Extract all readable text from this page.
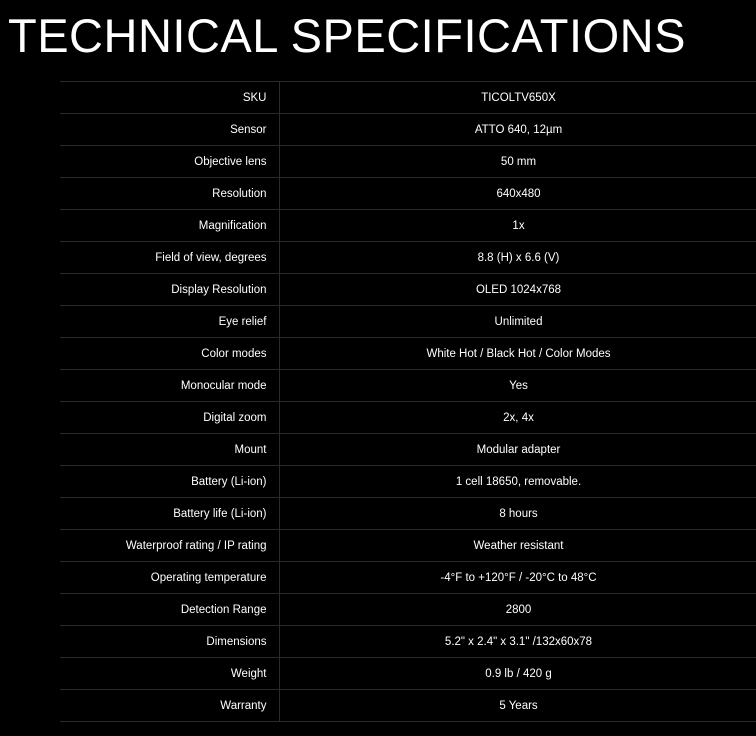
TECHNICAL SPECIFICATIONS
	SKU	TICOLTV650X	
	Sensor	ATTO 640, 12µm	
	Objective lens	50 mm	
	Resolution	640x480	
	Magnification	1x	
	Field of view, degrees	8.8 (H) x 6.6 (V)	
	Display Resolution	OLED 1024x768	
	Eye relief	Unlimited	
	Color modes	White Hot / Black Hot / Color Modes	
	Monocular mode	Yes	
	Digital zoom	2x, 4x	
	Mount	Modular adapter	
	Battery (Li-ion)	1 cell 18650, removable.	
	Battery life (Li-ion)	8 hours	
	Waterproof rating / IP rating	Weather resistant	
	Operating temperature	-4°F to +120°F / -20°C to 48°C	
	Detection Range	2800	
	Dimensions	5.2" x 2.4" x 3.1" /132x60x78	
	Weight	0.9 lb / 420 g	
	Warranty	5 Years	
